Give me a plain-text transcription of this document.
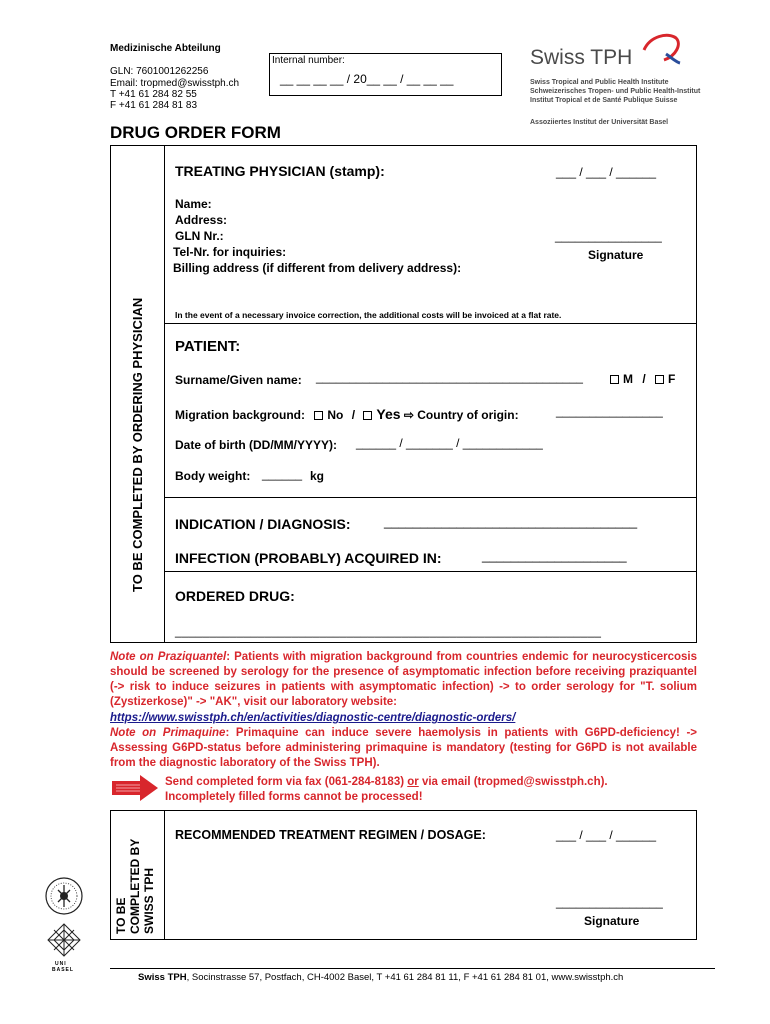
Medizinische Abteilung
GLN: 7601001262256
Email: tropmed@swisstph.ch
T +41 61 284 82 55
F +41 61 284 81 83
Internal number:
__ __ __ __ / 20__ __ / __ __ __
Swiss TPH
Swiss Tropical and Public Health Institute
Schweizerisches Tropen- und Public Health-Institut
Institut Tropical et de Santé Publique Suisse
Assoziiertes Institut der Universität Basel
DRUG ORDER FORM
TO BE COMPLETED BY ORDERING PHYSICIAN
TREATING PHYSICIAN (stamp):	___ / ___ / ______
Name:
Address:
GLN Nr.:
Tel-Nr. for inquiries:
Billing address (if different from delivery address):
________________
Signature
In the event of a necessary invoice correction, the additional costs will be invoiced at a flat rate.
PATIENT:
Surname/Given name: ________________________________________	M / F
Migration background: No / Yes ⇨ Country of origin:	________________
Date of birth (DD/MM/YYYY): ______ / _______ / ____________
Body weight: ______ kg
INDICATION / DIAGNOSIS:	___________________________________
INFECTION (PROBABLY) ACQUIRED IN:	____________________
ORDERED DRUG:
______________________________________________________________
Note on Praziquantel: Patients with migration background from countries endemic for neurocysticercosis should be screened by serology for the presence of asymptomatic infection before receiving praziquantel (-> risk to induce seizures in patients with asymptomatic infection) -> to order serology for "T. solium (Zystizerkose)" -> "AK", visit our laboratory website:
https://www.swisstph.ch/en/activities/diagnostic-centre/diagnostic-orders/
Note on Primaquine: Primaquine can induce severe haemolysis in patients with G6PD-deficiency! -> Assessing G6PD-status before administering primaquine is mandatory (testing for G6PD is not available from the diagnostic laboratory of the Swiss TPH).
Send completed form via fax (061-284-8183) or via email (tropmed@swisstph.ch).
Incompletely filled forms cannot be processed!
TO BE COMPLETED BY SWISS TPH
RECOMMENDED TREATMENT REGIMEN / DOSAGE:	___ / ___ / ______
________________
Signature
UNI
BASEL
Swiss TPH, Socinstrasse 57, Postfach, CH-4002 Basel, T +41 61 284 81 11, F +41 61 284 81 01, www.swisstph.ch
